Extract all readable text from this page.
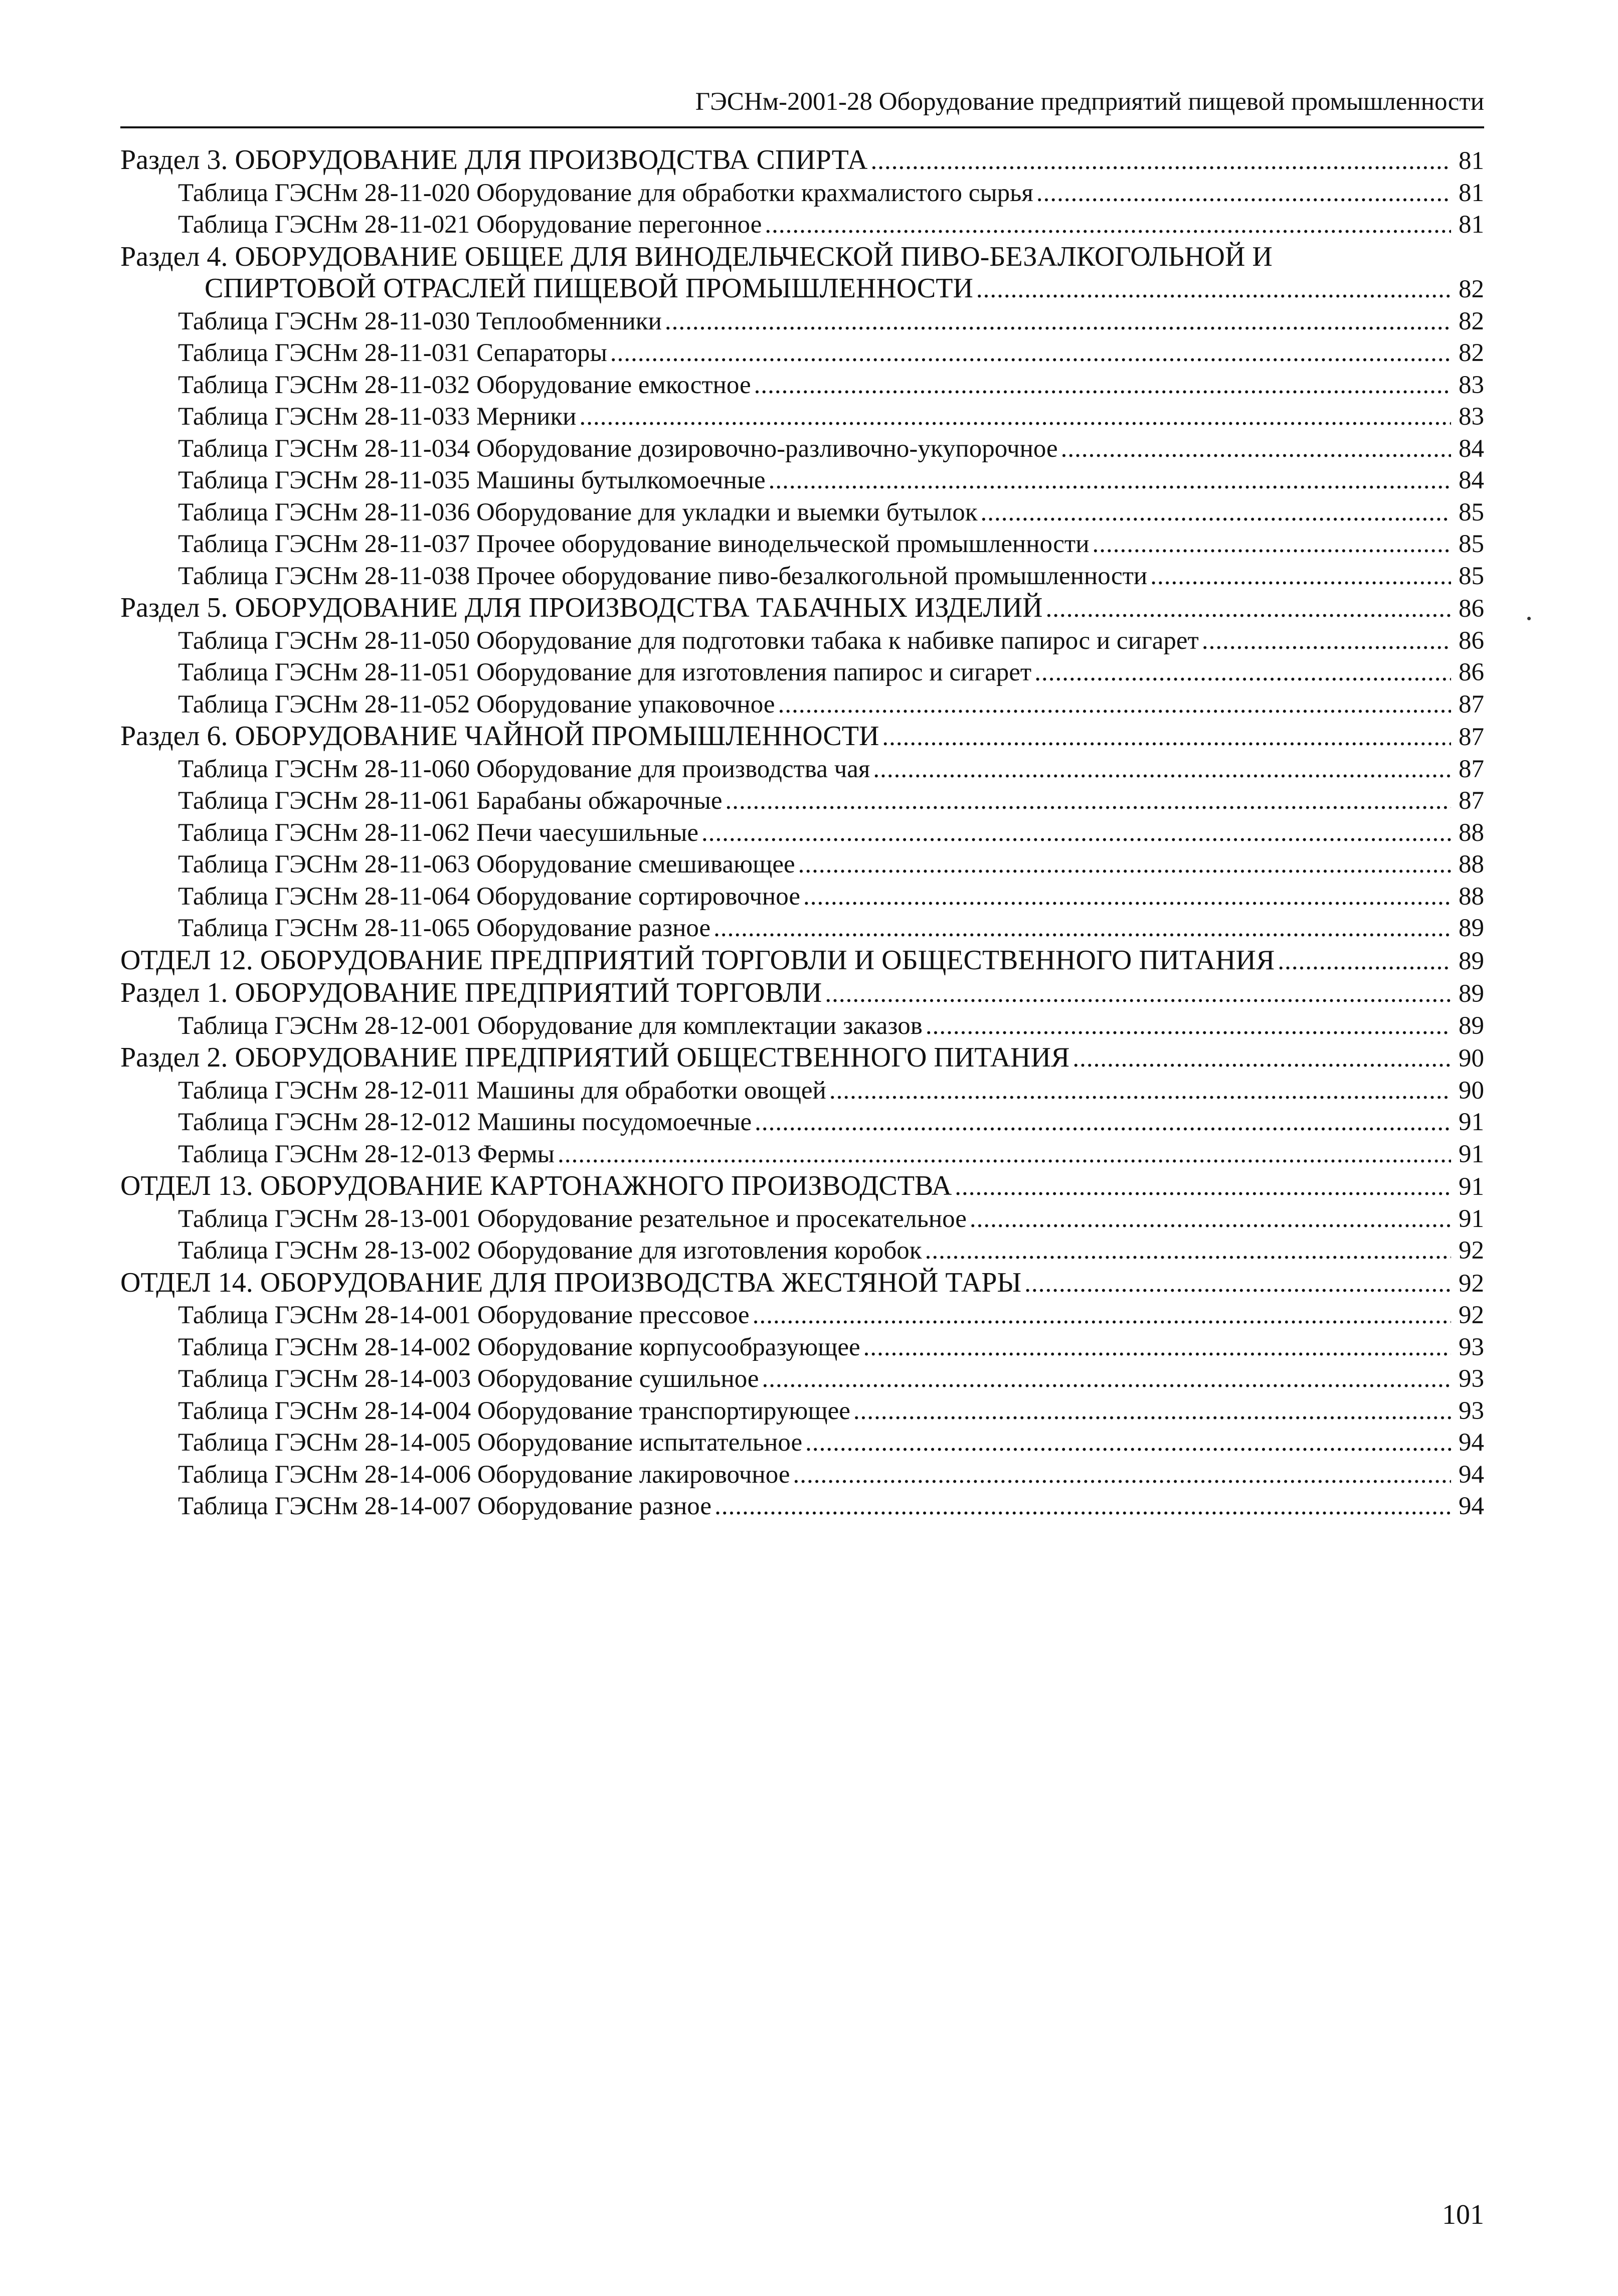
ГЭСНм-2001-28 Оборудование предприятий пищевой промышленности
Раздел 3. ОБОРУДОВАНИЕ ДЛЯ ПРОИЗВОДСТВА СПИРТА .....	81
Таблица ГЭСНм 28-11-020 Оборудование для обработки крахмалистого сырья .....	81
Таблица ГЭСНм 28-11-021 Оборудование перегонное .....	81
Раздел 4. ОБОРУДОВАНИЕ ОБЩЕЕ ДЛЯ ВИНОДЕЛЬЧЕСКОЙ ПИВО-БЕЗАЛКОГОЛЬНОЙ И
СПИРТОВОЙ ОТРАСЛЕЙ ПИЩЕВОЙ ПРОМЫШЛЕННОСТИ .....	82
Таблица ГЭСНм 28-11-030 Теплообменники .....	82
Таблица ГЭСНм 28-11-031 Сепараторы .....	82
Таблица ГЭСНм 28-11-032 Оборудование емкостное .....	83
Таблица ГЭСНм 28-11-033 Мерники .....	83
Таблица ГЭСНм 28-11-034 Оборудование дозировочно-разливочно-укупорочное .....	84
Таблица ГЭСНм 28-11-035 Машины бутылкомоечные .....	84
Таблица ГЭСНм 28-11-036 Оборудование для укладки и выемки бутылок .....	85
Таблица ГЭСНм 28-11-037 Прочее оборудование винодельческой промышленности .....	85
Таблица ГЭСНм 28-11-038 Прочее оборудование пиво-безалкогольной промышленности .....	85
Раздел 5. ОБОРУДОВАНИЕ ДЛЯ ПРОИЗВОДСТВА ТАБАЧНЫХ ИЗДЕЛИЙ .....	86
Таблица ГЭСНм 28-11-050 Оборудование для подготовки табака к набивке папирос и сигарет .....	86
Таблица ГЭСНм 28-11-051 Оборудование для изготовления папирос и сигарет .....	86
Таблица ГЭСНм 28-11-052 Оборудование упаковочное .....	87
Раздел 6. ОБОРУДОВАНИЕ ЧАЙНОЙ ПРОМЫШЛЕННОСТИ .....	87
Таблица ГЭСНм 28-11-060 Оборудование для производства чая .....	87
Таблица ГЭСНм 28-11-061 Барабаны обжарочные .....	87
Таблица ГЭСНм 28-11-062 Печи чаесушильные .....	88
Таблица ГЭСНм 28-11-063 Оборудование смешивающее .....	88
Таблица ГЭСНм 28-11-064 Оборудование сортировочное .....	88
Таблица ГЭСНм 28-11-065 Оборудование разное .....	89
ОТДЕЛ 12. ОБОРУДОВАНИЕ ПРЕДПРИЯТИЙ ТОРГОВЛИ И ОБЩЕСТВЕННОГО ПИТАНИЯ .....	89
Раздел 1. ОБОРУДОВАНИЕ ПРЕДПРИЯТИЙ ТОРГОВЛИ .....	89
Таблица ГЭСНм 28-12-001 Оборудование для комплектации заказов .....	89
Раздел 2. ОБОРУДОВАНИЕ ПРЕДПРИЯТИЙ ОБЩЕСТВЕННОГО ПИТАНИЯ .....	90
Таблица ГЭСНм 28-12-011 Машины для обработки овощей .....	90
Таблица ГЭСНм 28-12-012 Машины посудомоечные .....	91
Таблица ГЭСНм 28-12-013 Фермы .....	91
ОТДЕЛ 13. ОБОРУДОВАНИЕ КАРТОНАЖНОГО ПРОИЗВОДСТВА .....	91
Таблица ГЭСНм 28-13-001 Оборудование резательное и просекательное .....	91
Таблица ГЭСНм 28-13-002 Оборудование для изготовления коробок .....	92
ОТДЕЛ 14. ОБОРУДОВАНИЕ ДЛЯ ПРОИЗВОДСТВА ЖЕСТЯНОЙ ТАРЫ .....	92
Таблица ГЭСНм 28-14-001 Оборудование прессовое .....	92
Таблица ГЭСНм 28-14-002 Оборудование корпусообразующее .....	93
Таблица ГЭСНм 28-14-003 Оборудование сушильное .....	93
Таблица ГЭСНм 28-14-004 Оборудование транспортирующее .....	93
Таблица ГЭСНм 28-14-005 Оборудование испытательное .....	94
Таблица ГЭСНм 28-14-006 Оборудование лакировочное .....	94
Таблица ГЭСНм 28-14-007 Оборудование разное .....	94
101
